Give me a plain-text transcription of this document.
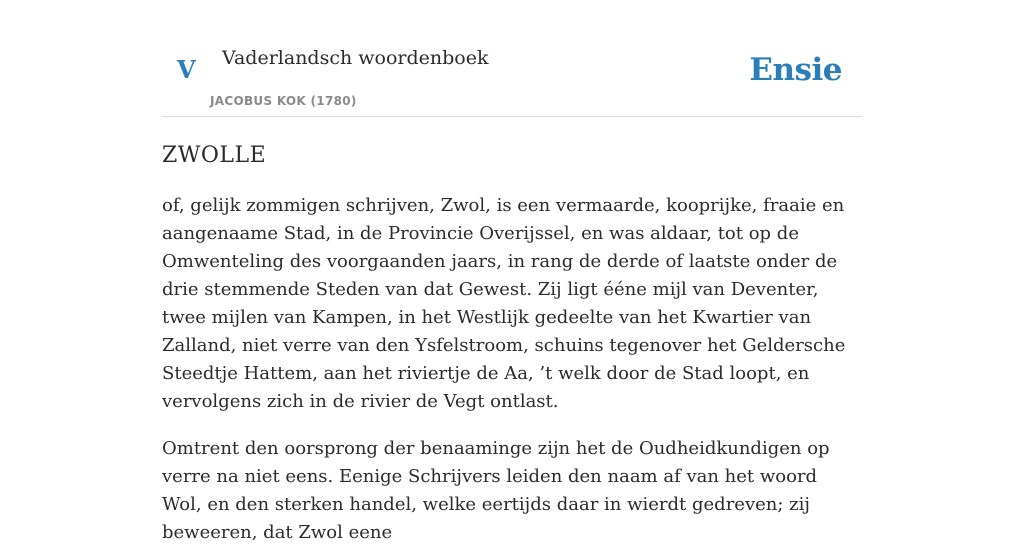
V Vaderlandsch woordenboek
JACOBUS KOK (1780)
Ensie
ZWOLLE

of, gelijk zommigen schrijven, Zwol, is een vermaarde, kooprijke, fraaie en aangenaame Stad, in de Provincie Overijssel, en was aldaar, tot op de Omwenteling des voorgaanden jaars, in rang de derde of laatste onder de drie stemmende Steden van dat Gewest. Zij ligt ééne mijl van Deventer, twee mijlen van Kampen, in het Westlijk gedeelte van het Kwartier van Zalland, niet verre van den Ysfelstroom, schuins tegenover het Geldersche Steedtje Hattem, aan het riviertje de Aa, ’t welk door de Stad loopt, en vervolgens zich in de rivier de Vegt ontlast.

Omtrent den oorsprong der benaaminge zijn het de Oudheidkundigen op verre na niet eens. Eenige Schrijvers leiden den naam af van het woord Wol, en den sterken handel, welke eertijds daar in wierdt gedreven; zij beweeren, dat Zwol eene
